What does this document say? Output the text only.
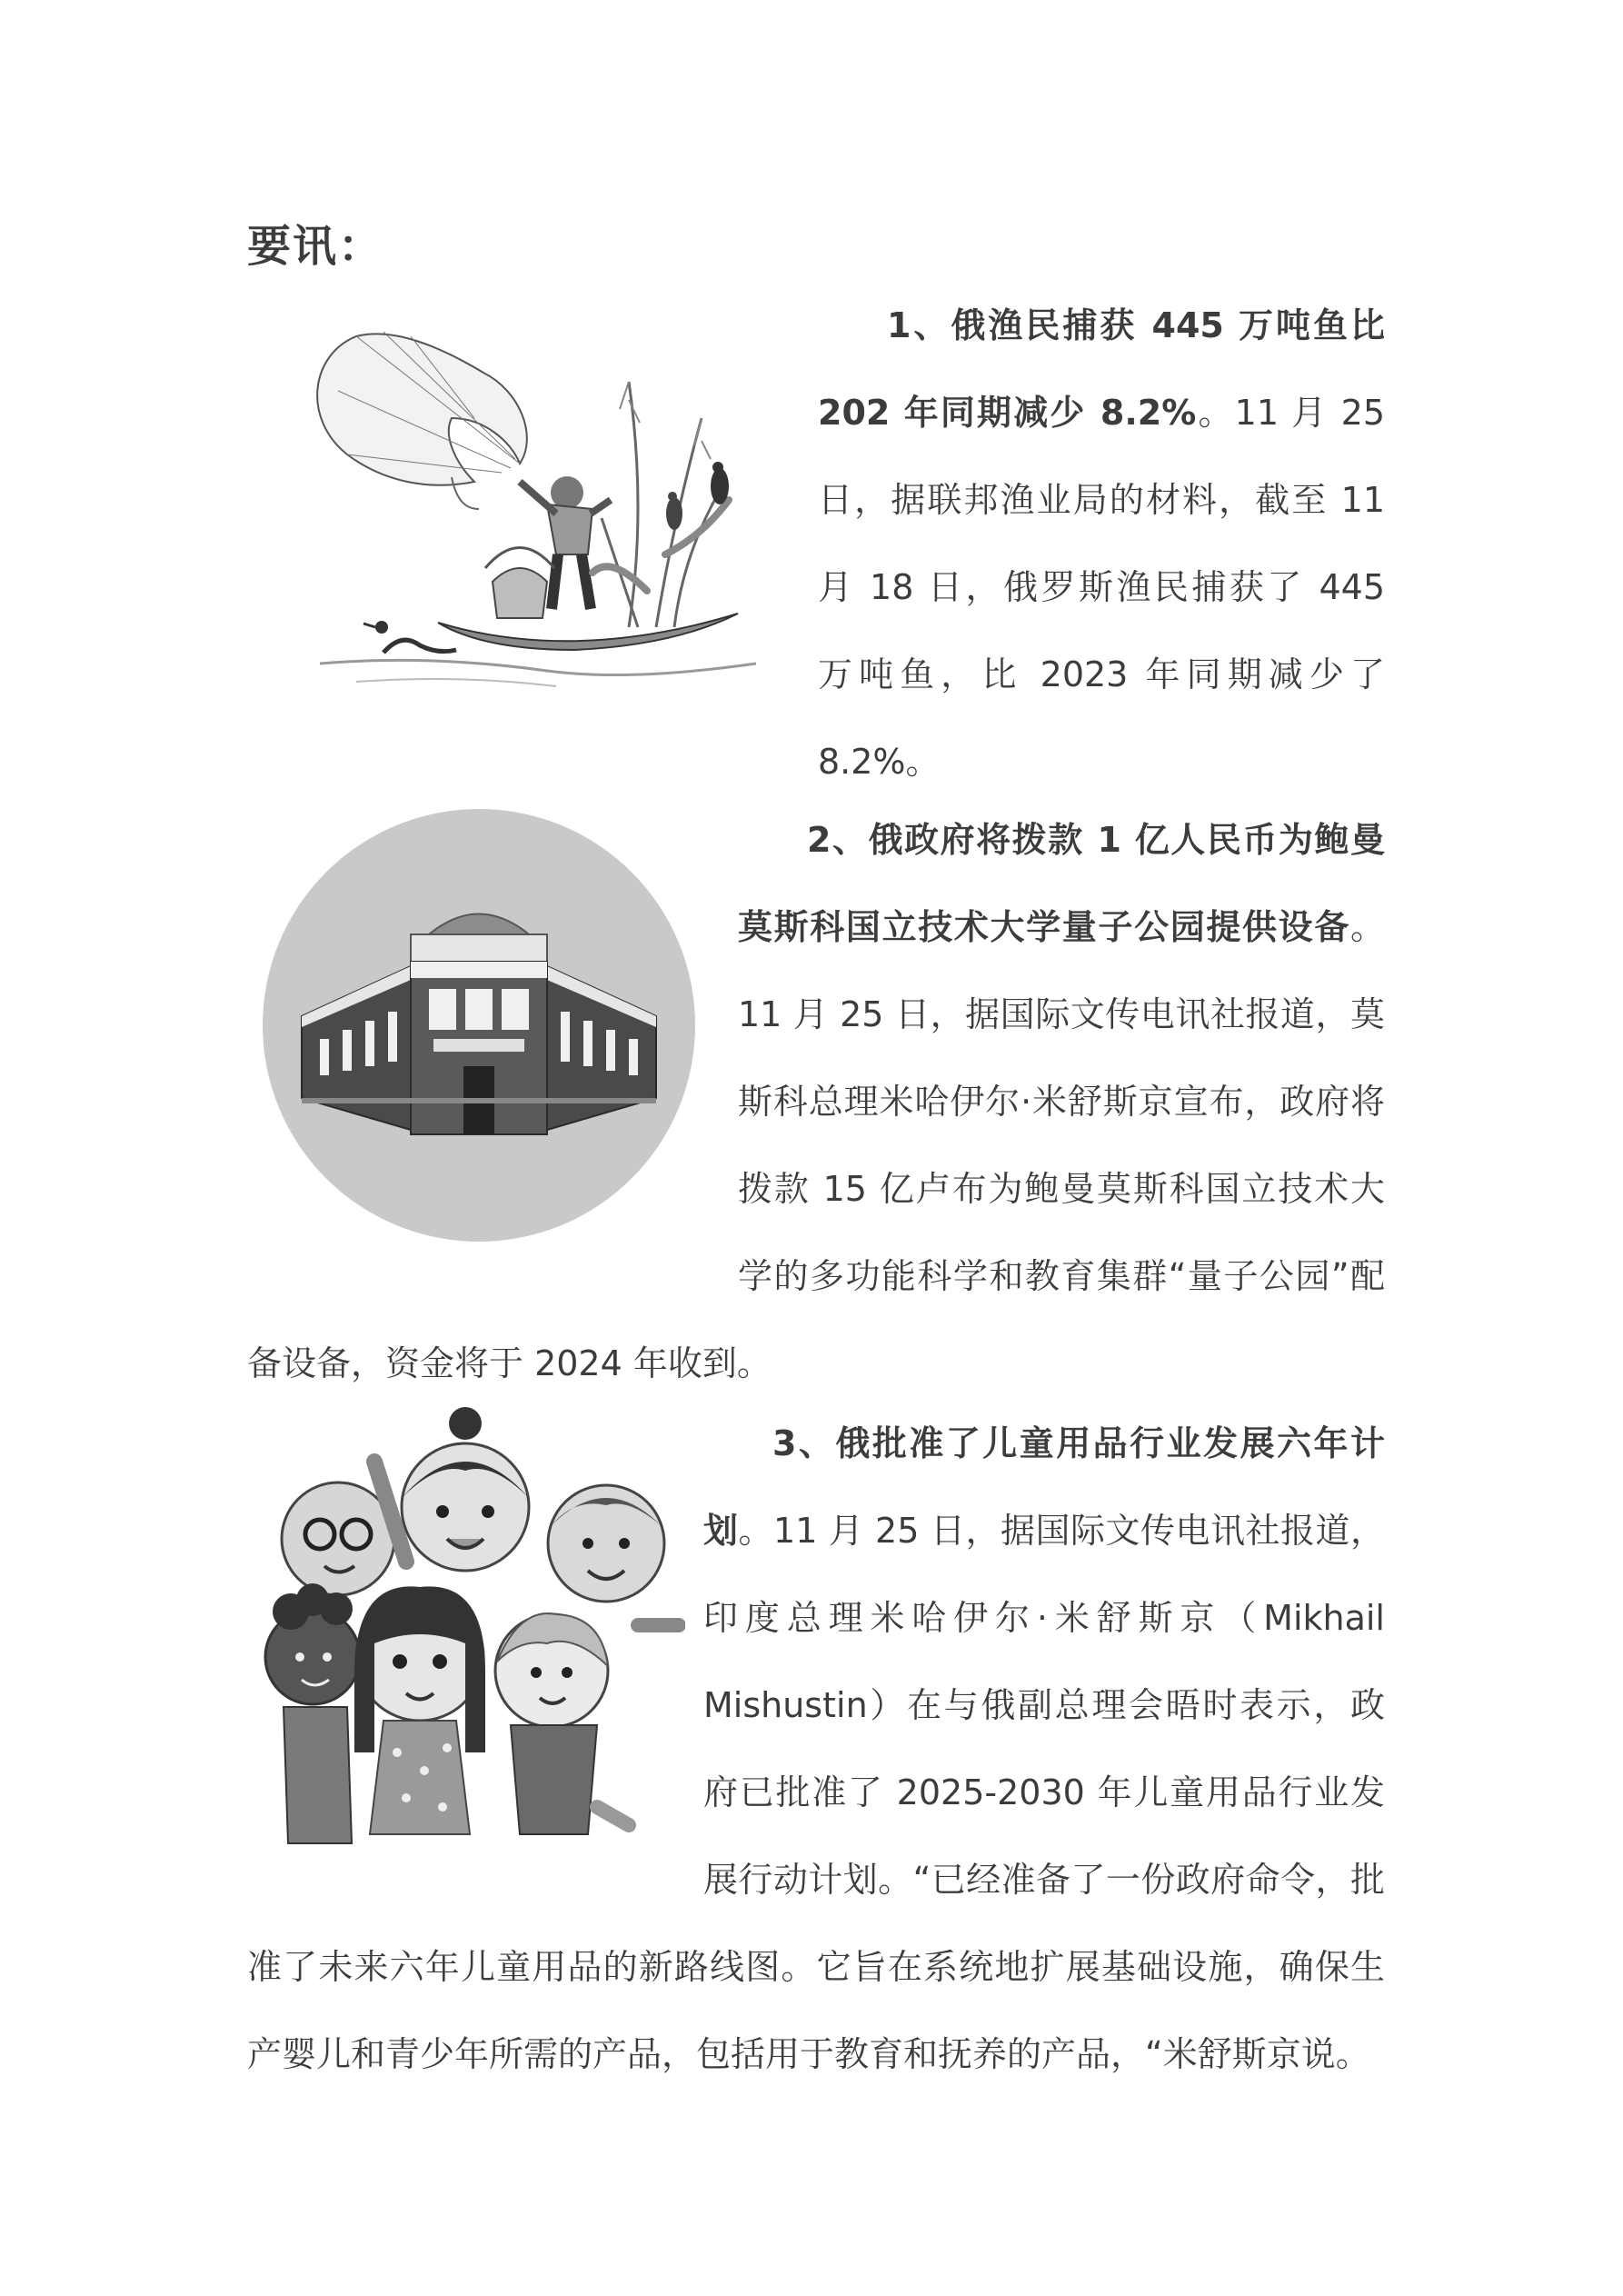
要讯：
1、俄渔民捕获 445 万吨鱼比 202 年同期减少 8.2%。11 月 25 日，据联邦渔业局的材料，截至 11 月 18 日，俄罗斯渔民捕获了 445 万吨鱼，比 2023 年同期减少了 8.2%。
2、俄政府将拨款 1 亿人民币为鲍曼莫斯科国立技术大学量子公园提供设备。11 月 25 日，据国际文传电讯社报道，莫斯科总理米哈伊尔·米舒斯京宣布，政府将拨款 15 亿卢布为鲍曼莫斯科国立技术大学的多功能科学和教育集群“量子公园”配备设备，资金将于 2024 年收到。
3、俄批准了儿童用品行业发展六年计划。11 月 25 日，据国际文传电讯社报道，印度总理米哈伊尔·米舒斯京（Mikhail Mishustin）在与俄副总理会晤时表示，政府已批准了 2025-2030 年儿童用品行业发展行动计划。“已经准备了一份政府命令，批准了未来六年儿童用品的新路线图。它旨在系统地扩展基础设施，确保生产婴儿和青少年所需的产品，包括用于教育和抚养的产品，“米舒斯京说。
